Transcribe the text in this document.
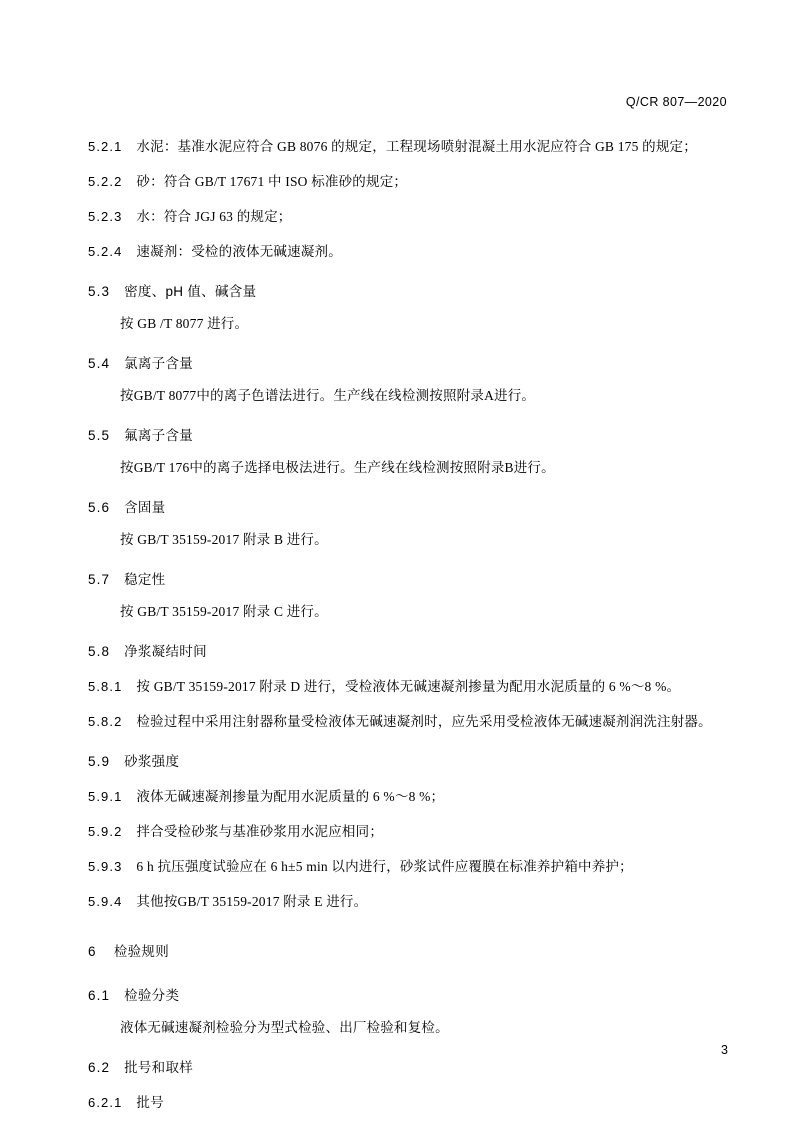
Q/CR 807—2020
5.2.1 水泥：基准水泥应符合 GB 8076 的规定，工程现场喷射混凝土用水泥应符合 GB 175 的规定；
5.2.2 砂：符合 GB/T 17671 中 ISO 标准砂的规定；
5.2.3 水：符合 JGJ 63 的规定；
5.2.4 速凝剂：受检的液体无碱速凝剂。
5.3 密度、pH 值、碱含量
按 GB /T 8077 进行。
5.4 氯离子含量
按GB/T 8077中的离子色谱法进行。生产线在线检测按照附录A进行。
5.5 氟离子含量
按GB/T 176中的离子选择电极法进行。生产线在线检测按照附录B进行。
5.6 含固量
按 GB/T 35159-2017 附录 B 进行。
5.7 稳定性
按 GB/T 35159-2017 附录 C 进行。
5.8 净浆凝结时间
5.8.1 按 GB/T 35159-2017 附录 D 进行，受检液体无碱速凝剂掺量为配用水泥质量的 6 %～8 %。
5.8.2 检验过程中采用注射器称量受检液体无碱速凝剂时，应先采用受检液体无碱速凝剂润洗注射器。
5.9 砂浆强度
5.9.1 液体无碱速凝剂掺量为配用水泥质量的 6 %～8 %；
5.9.2 拌合受检砂浆与基准砂浆用水泥应相同；
5.9.3 6 h 抗压强度试验应在 6 h±5 min 以内进行，砂浆试件应覆膜在标准养护箱中养护；
5.9.4 其他按GB/T 35159-2017 附录 E 进行。
6 检验规则
6.1 检验分类
液体无碱速凝剂检验分为型式检验、出厂检验和复检。
6.2 批号和取样
6.2.1 批号
3
